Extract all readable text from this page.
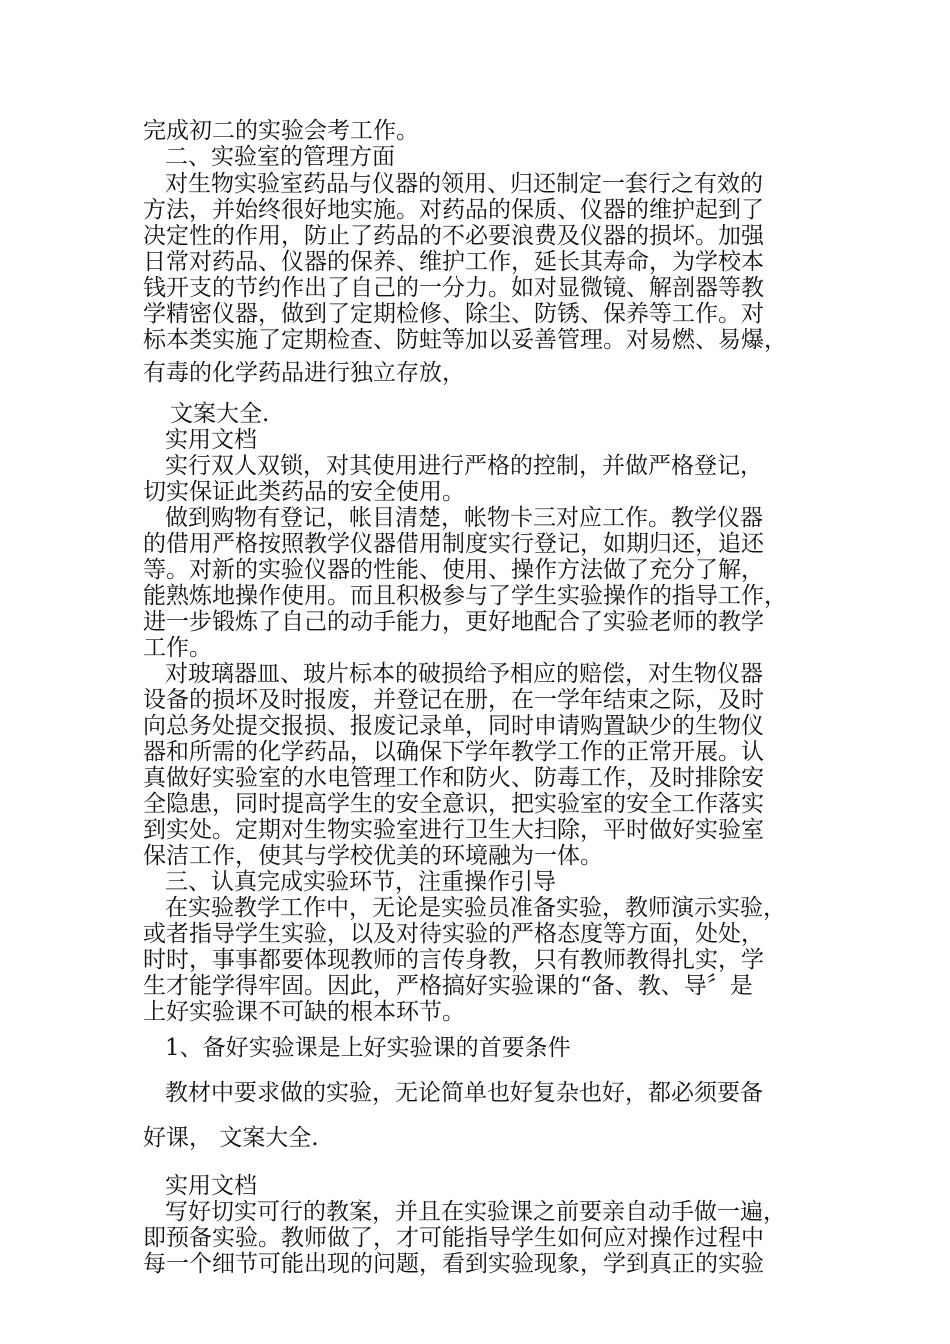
完成初二的实验会考工作。
二、实验室的管理方面
对生物实验室药品与仪器的领用、归还制定一套行之有效的
方法，并始终很好地实施。对药品的保质、仪器的维护起到了
决定性的作用，防止了药品的不必要浪费及仪器的损坏。加强
日常对药品、仪器的保养、维护工作，延长其寿命，为学校本
钱开支的节约作出了自己的一分力。如对显微镜、解剖器等教
学精密仪器，做到了定期检修、除尘、防锈、保养等工作。对
标本类实施了定期检查、防蛀等加以妥善管理。对易燃、易爆，
有毒的化学药品进行独立存放，
文案大全.
实用文档
实行双人双锁，对其使用进行严格的控制，并做严格登记，
切实保证此类药品的安全使用。
做到购物有登记，帐目清楚，帐物卡三对应工作。教学仪器
的借用严格按照教学仪器借用制度实行登记，如期归还，追还
等。对新的实验仪器的性能、使用、操作方法做了充分了解，
能熟炼地操作使用。而且积极参与了学生实验操作的指导工作，
进一步锻炼了自己的动手能力，更好地配合了实验老师的教学
工作。
对玻璃器皿、玻片标本的破损给予相应的赔偿，对生物仪器
设备的损坏及时报废，并登记在册，在一学年结束之际，及时
向总务处提交报损、报废记录单，同时申请购置缺少的生物仪
器和所需的化学药品，以确保下学年教学工作的正常开展。认
真做好实验室的水电管理工作和防火、防毒工作，及时排除安
全隐患，同时提高学生的安全意识，把实验室的安全工作落实
到实处。定期对生物实验室进行卫生大扫除，平时做好实验室
保洁工作，使其与学校优美的环境融为一体。
三、认真完成实验环节，注重操作引导
在实验教学工作中，无论是实验员准备实验，教师演示实验，
或者指导学生实验，以及对待实验的严格态度等方面，处处，
时时，事事都要体现教师的言传身教，只有教师教得扎实，学
生才能学得牢固。因此，严格搞好实验课的“备、教、导〞是
上好实验课不可缺的根本环节。
1、备好实验课是上好实验课的首要条件
教材中要求做的实验，无论简单也好复杂也好，都必须要备
好课， 文案大全.
实用文档
写好切实可行的教案，并且在实验课之前要亲自动手做一遍，
即预备实验。教师做了，才可能指导学生如何应对操作过程中
每一个细节可能出现的问题，看到实验现象，学到真正的实验
